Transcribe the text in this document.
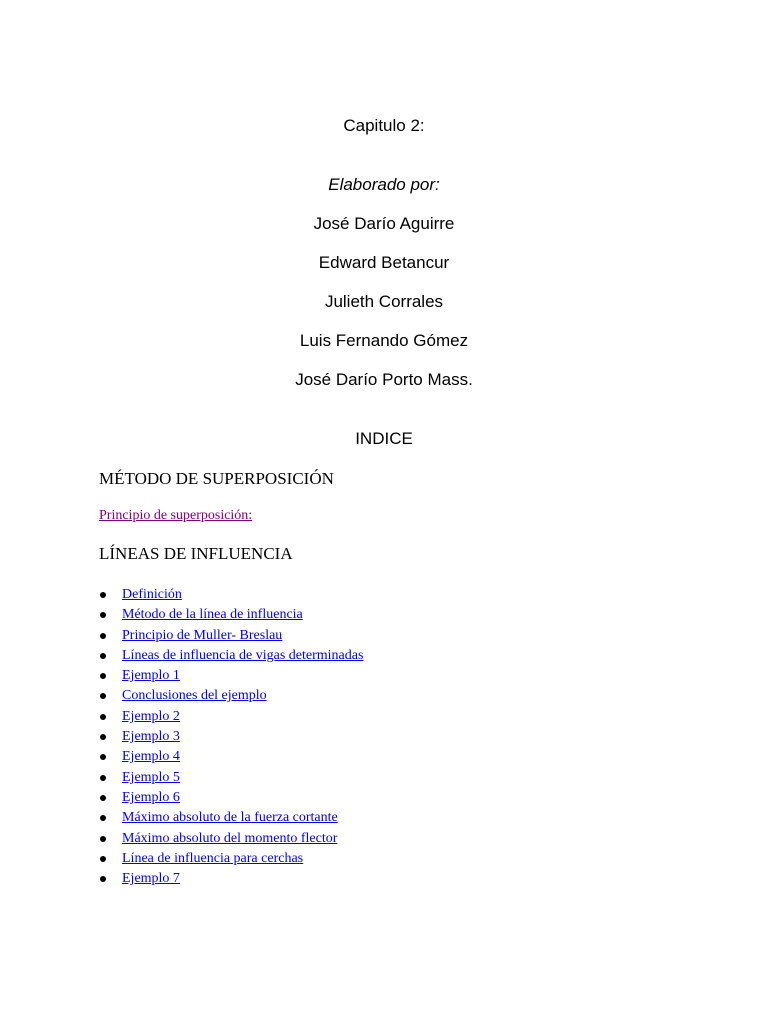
Capitulo 2:
Elaborado por:
José Darío Aguirre
Edward Betancur
Julieth Corrales
Luis Fernando Gómez
José Darío Porto Mass.
INDICE
MÉTODO DE SUPERPOSICIÓN
Principio de superposición:
LÍNEAS DE INFLUENCIA
Definición
Método de la línea de influencia
Principio de Muller- Breslau
Líneas de influencia de vigas determinadas
Ejemplo 1
Conclusiones del ejemplo
Ejemplo 2
Ejemplo 3
Ejemplo 4
Ejemplo 5
Ejemplo 6
Máximo absoluto de la fuerza cortante
Máximo absoluto del momento flector
Línea de influencia para cerchas
Ejemplo 7
